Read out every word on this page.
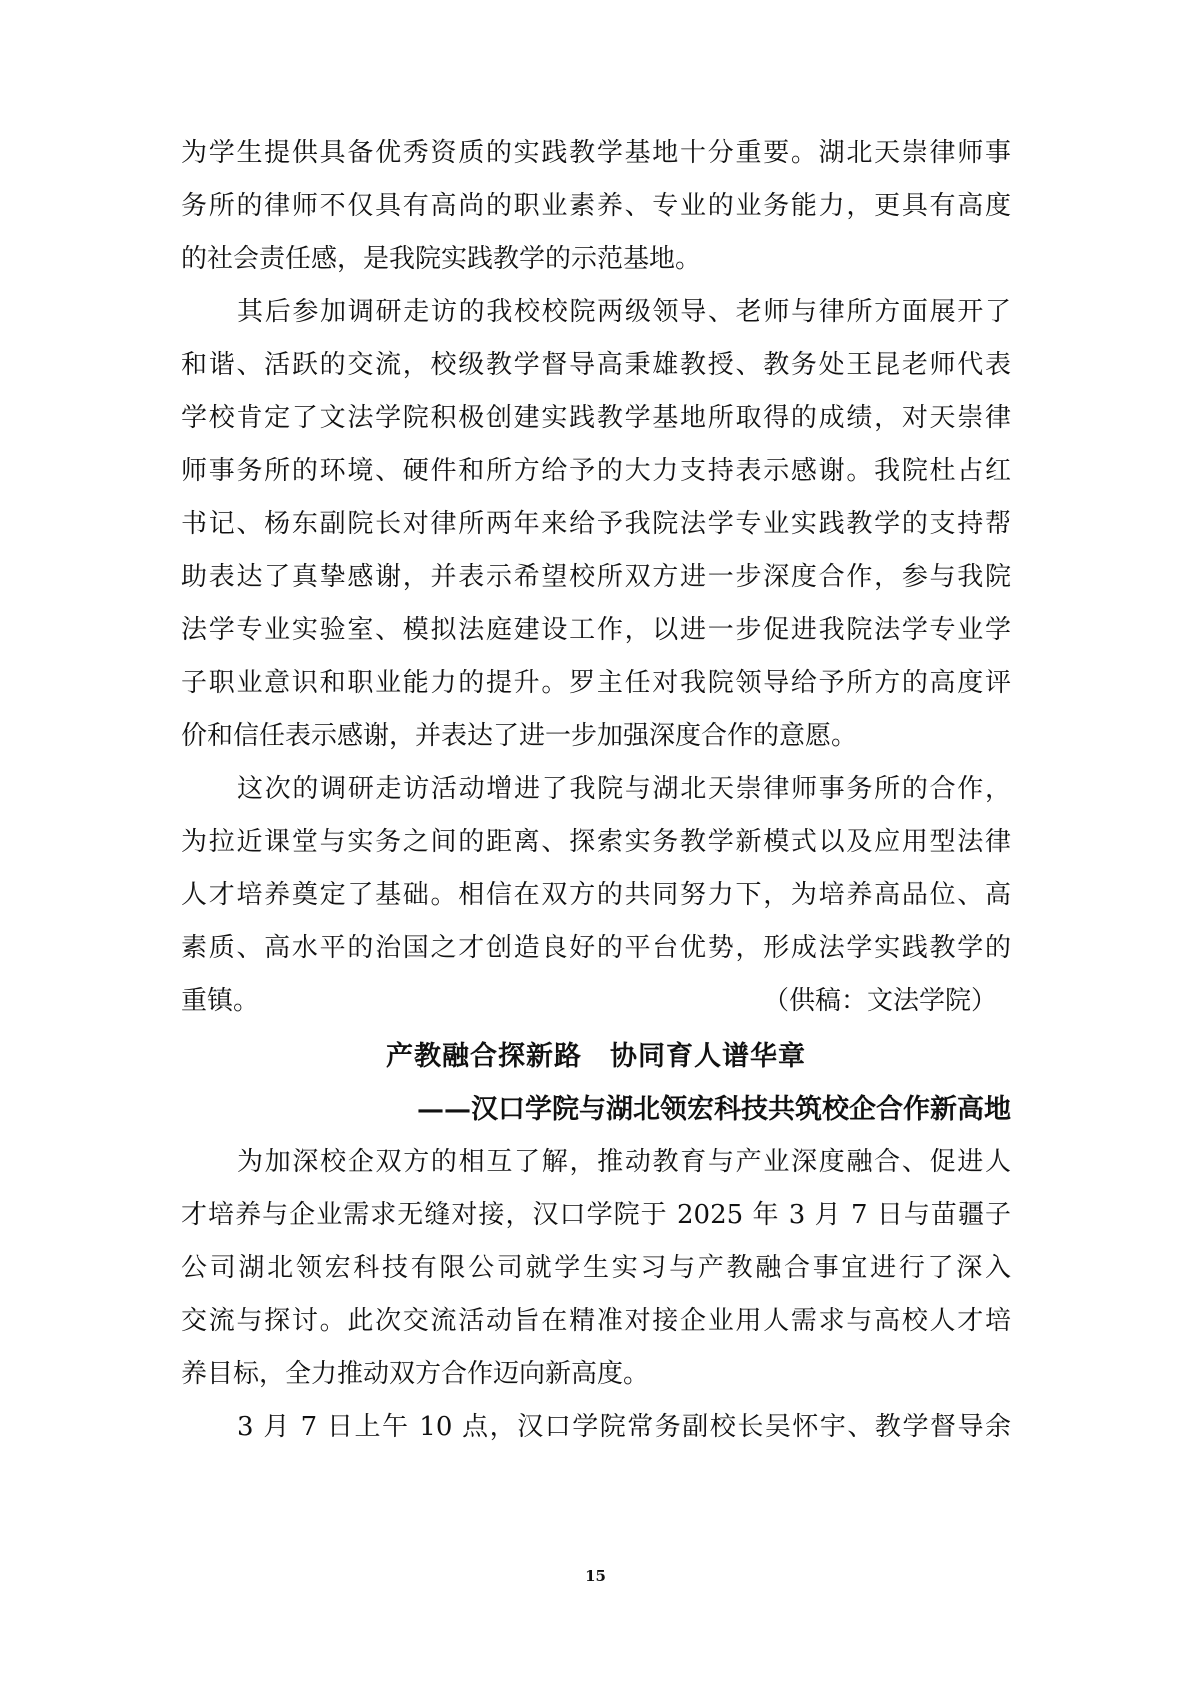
为学生提供具备优秀资质的实践教学基地十分重要。湖北天崇律师事
务所的律师不仅具有高尚的职业素养、专业的业务能力，更具有高度
的社会责任感，是我院实践教学的示范基地。
其后参加调研走访的我校校院两级领导、老师与律所方面展开了
和谐、活跃的交流，校级教学督导高秉雄教授、教务处王昆老师代表
学校肯定了文法学院积极创建实践教学基地所取得的成绩，对天崇律
师事务所的环境、硬件和所方给予的大力支持表示感谢。我院杜占红
书记、杨东副院长对律所两年来给予我院法学专业实践教学的支持帮
助表达了真挚感谢，并表示希望校所双方进一步深度合作，参与我院
法学专业实验室、模拟法庭建设工作，以进一步促进我院法学专业学
子职业意识和职业能力的提升。罗主任对我院领导给予所方的高度评
价和信任表示感谢，并表达了进一步加强深度合作的意愿。
这次的调研走访活动增进了我院与湖北天崇律师事务所的合作，
为拉近课堂与实务之间的距离、探索实务教学新模式以及应用型法律
人才培养奠定了基础。相信在双方的共同努力下，为培养高品位、高
素质、高水平的治国之才创造良好的平台优势，形成法学实践教学的
重镇。	（供稿：文法学院）
产教融合探新路　协同育人谱华章
——汉口学院与湖北领宏科技共筑校企合作新高地
为加深校企双方的相互了解，推动教育与产业深度融合、促进人
才培养与企业需求无缝对接，汉口学院于 2025 年 3 月 7 日与苗疆子
公司湖北领宏科技有限公司就学生实习与产教融合事宜进行了深入
交流与探讨。此次交流活动旨在精准对接企业用人需求与高校人才培
养目标，全力推动双方合作迈向新高度。
3 月 7 日上午 10 点，汉口学院常务副校长吴怀宇、教学督导余
15
